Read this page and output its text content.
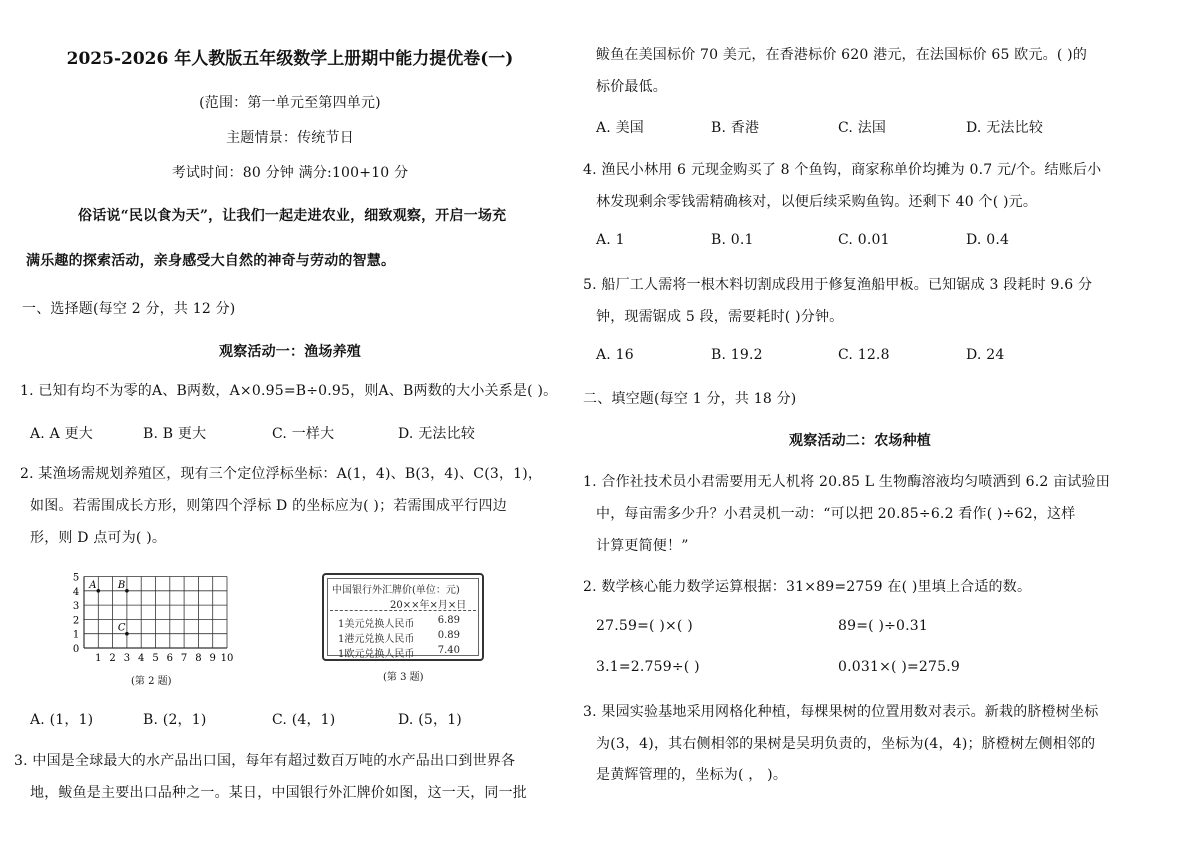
2025-2026 年人教版五年级数学上册期中能力提优卷(一)
(范围：第一单元至第四单元)
主题情景：传统节日
考试时间：80 分钟 满分:100+10 分
俗话说“民以食为天”，让我们一起走进农业，细致观察，开启一场充
满乐趣的探索活动，亲身感受大自然的神奇与劳动的智慧。
一、选择题(每空 2 分，共 12 分)
观察活动一：渔场养殖
1. 已知有均不为零的A、B两数，A×0.95=B÷0.95，则A、B两数的大小关系是( )。
A. A 更大	B. B 更大	C. 一样大	D. 无法比较
2. 某渔场需规划养殖区，现有三个定位浮标坐标：A(1，4)、B(3，4)、C(3，1)，
如图。若需围成长方形，则第四个浮标 D 的坐标应为( )；若需围成平行四边
形，则 D 点可为( )。
5
4
3
2
1
0
1 2 3 4 5 6 7 8 9 10
A B
C
(第 2 题)
中国银行外汇牌价(单位：元)
20××年×月×日
1美元兑换人民币 6.89
1港元兑换人民币 0.89
1欧元兑换人民币 7.40
(第 3 题)
A. (1，1)	B. (2，1)	C. (4，1)	D. (5，1)
3. 中国是全球最大的水产品出口国，每年有超过数百万吨的水产品出口到世界各
地，鲅鱼是主要出口品种之一。某日，中国银行外汇牌价如图，这一天，同一批
鲅鱼在美国标价 70 美元，在香港标价 620 港元，在法国标价 65 欧元。( )的
标价最低。
A. 美国	B. 香港	C. 法国	D. 无法比较
4. 渔民小林用 6 元现金购买了 8 个鱼钩，商家称单价均摊为 0.7 元/个。结账后小
林发现剩余零钱需精确核对，以便后续采购鱼钩。还剩下 40 个( )元。
A. 1	B. 0.1	C. 0.01	D. 0.4
5. 船厂工人需将一根木料切割成段用于修复渔船甲板。已知锯成 3 段耗时 9.6 分
钟，现需锯成 5 段，需要耗时( )分钟。
A. 16	B. 19.2	C. 12.8	D. 24
二、填空题(每空 1 分，共 18 分)
观察活动二：农场种植
1. 合作社技术员小君需要用无人机将 20.85 L 生物酶溶液均匀喷洒到 6.2 亩试验田
中，每亩需多少升？小君灵机一动：“可以把 20.85÷6.2 看作( )÷62，这样
计算更简便！”
2. 数学核心能力数学运算根据：31×89=2759 在( )里填上合适的数。
27.59=( )×( )	89=( )÷0.31
3.1=2.759÷( )	0.031×( )=275.9
3. 果园实验基地采用网格化种植，每棵果树的位置用数对表示。新栽的脐橙树坐标
为(3，4)，其右侧相邻的果树是吴玥负责的，坐标为(4，4)；脐橙树左侧相邻的
是黄辉管理的，坐标为( ， )。
